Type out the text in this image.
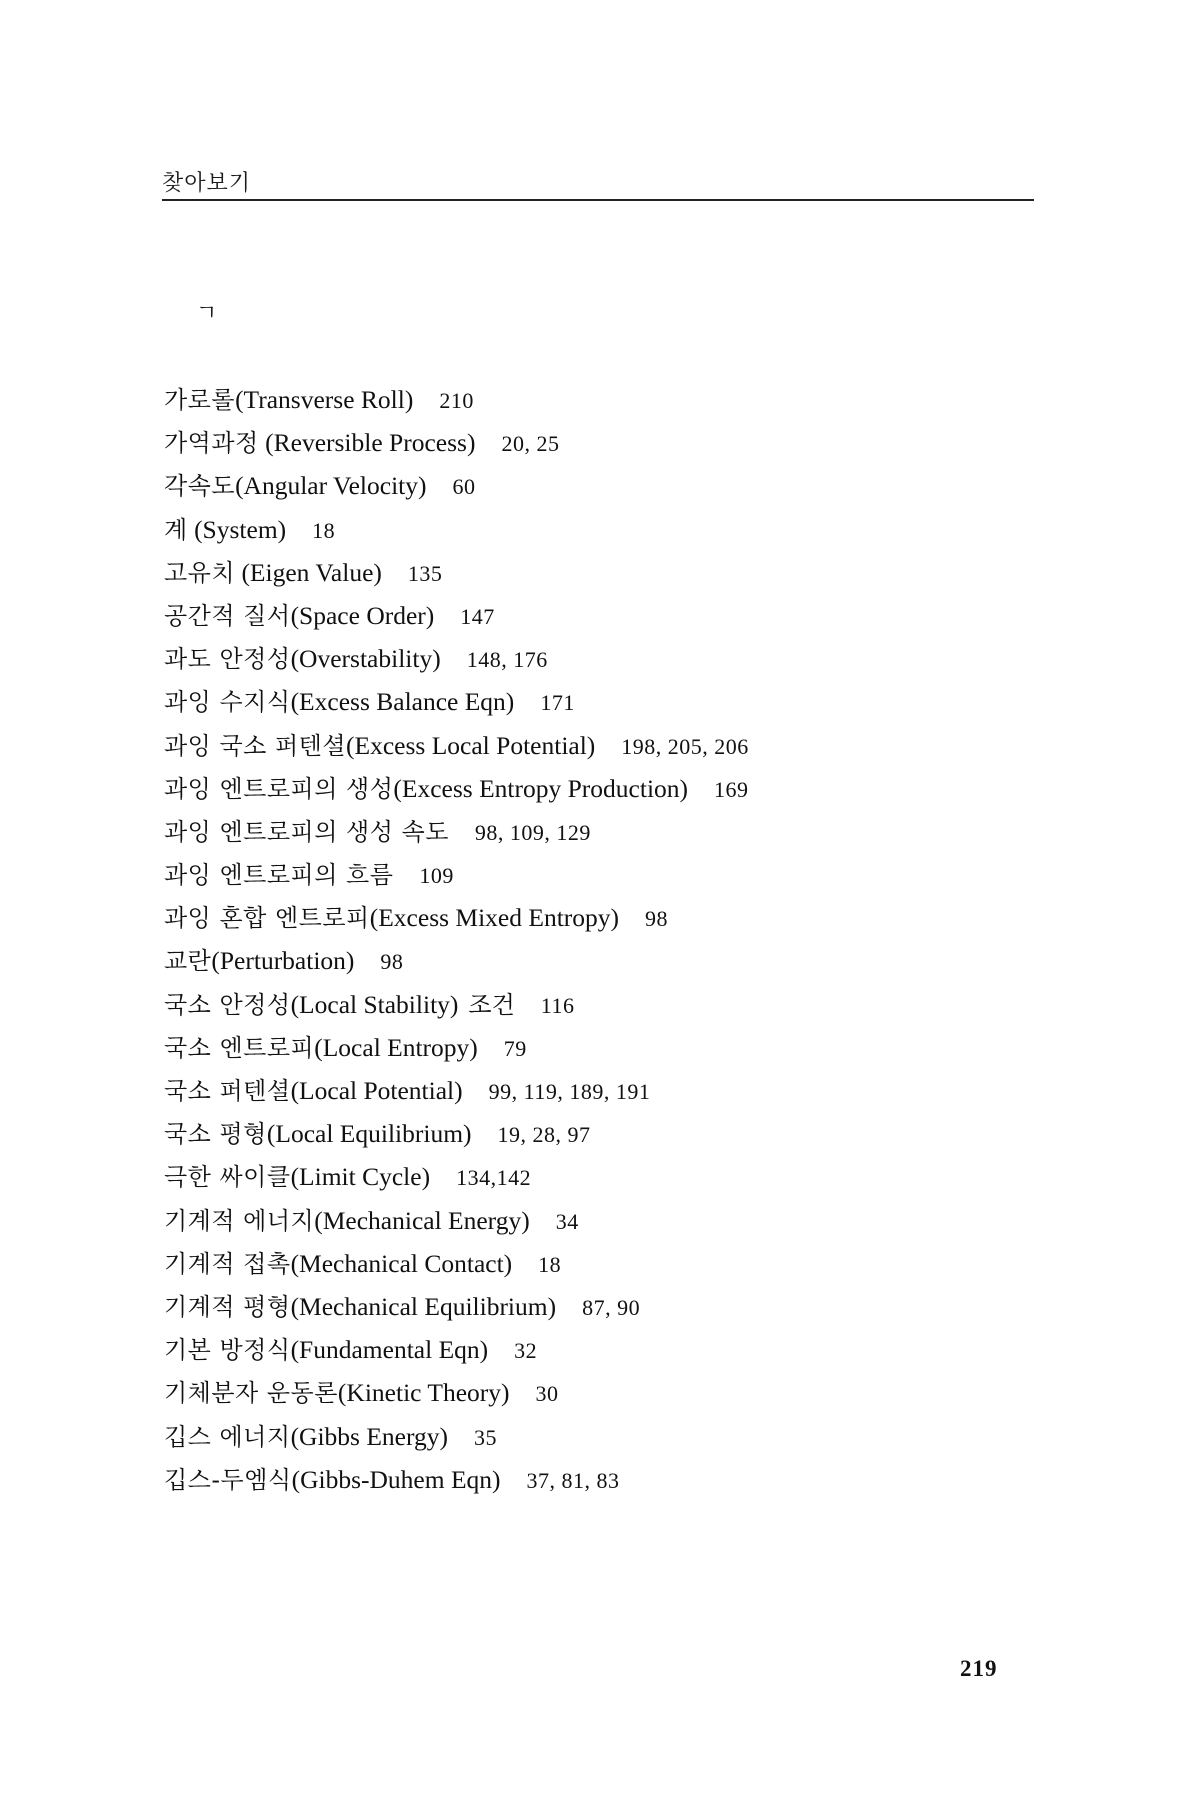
찾아보기
ㄱ
가로롤(Transverse Roll) 210
가역과정 (Reversible Process) 20, 25
각속도(Angular Velocity) 60
계 (System) 18
고유치 (Eigen Value) 135
공간적 질서(Space Order) 147
과도 안정성(Overstability) 148, 176
과잉 수지식(Excess Balance Eqn) 171
과잉 국소 퍼텐셜(Excess Local Potential) 198, 205, 206
과잉 엔트로피의 생성(Excess Entropy Production) 169
과잉 엔트로피의 생성 속도 98, 109, 129
과잉 엔트로피의 흐름 109
과잉 혼합 엔트로피(Excess Mixed Entropy) 98
교란(Perturbation) 98
국소 안정성(Local Stability) 조건 116
국소 엔트로피(Local Entropy) 79
국소 퍼텐셜(Local Potential) 99, 119, 189, 191
국소 평형(Local Equilibrium) 19, 28, 97
극한 싸이클(Limit Cycle) 134,142
기계적 에너지(Mechanical Energy) 34
기계적 접촉(Mechanical Contact) 18
기계적 평형(Mechanical Equilibrium) 87, 90
기본 방정식(Fundamental Eqn) 32
기체분자 운동론(Kinetic Theory) 30
깁스 에너지(Gibbs Energy) 35
깁스-두엠식(Gibbs-Duhem Eqn) 37, 81, 83
219
